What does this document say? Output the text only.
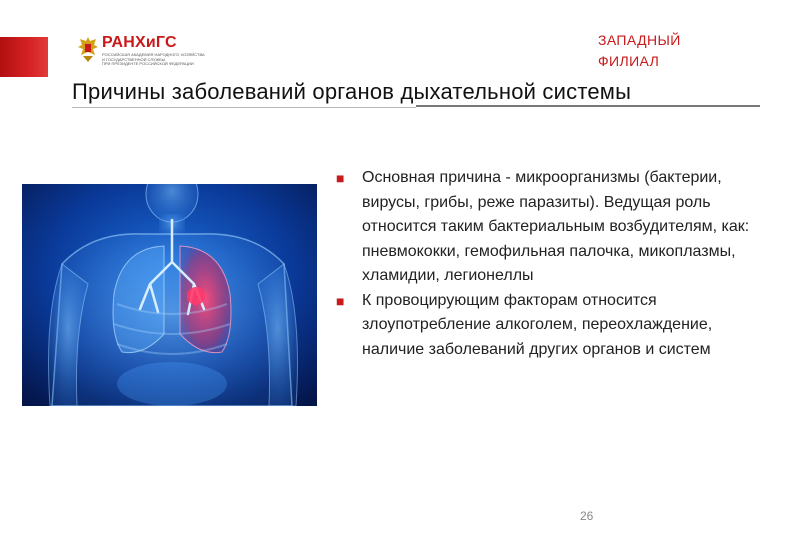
РАНХиГС
РОССИЙСКАЯ АКАДЕМИЯ НАРОДНОГО ХОЗЯЙСТВА
И ГОСУДАРСТВЕННОЙ СЛУЖБЫ
ПРИ ПРЕЗИДЕНТЕ РОССИЙСКОЙ ФЕДЕРАЦИИ
ЗАПАДНЫЙ
ФИЛИАЛ
Причины заболеваний органов дыхательной системы
■ Основная причина - микроорганизмы (бактерии, вирусы, грибы, реже паразиты). Ведущая роль относится таким бактериальным возбудителям, как: пневмококки, гемофильная палочка, микоплазмы, хламидии, легионеллы
■ К провоцирующим факторам относится злоупотребление алкоголем, переохлаждение, наличие заболеваний других органов и систем
26
